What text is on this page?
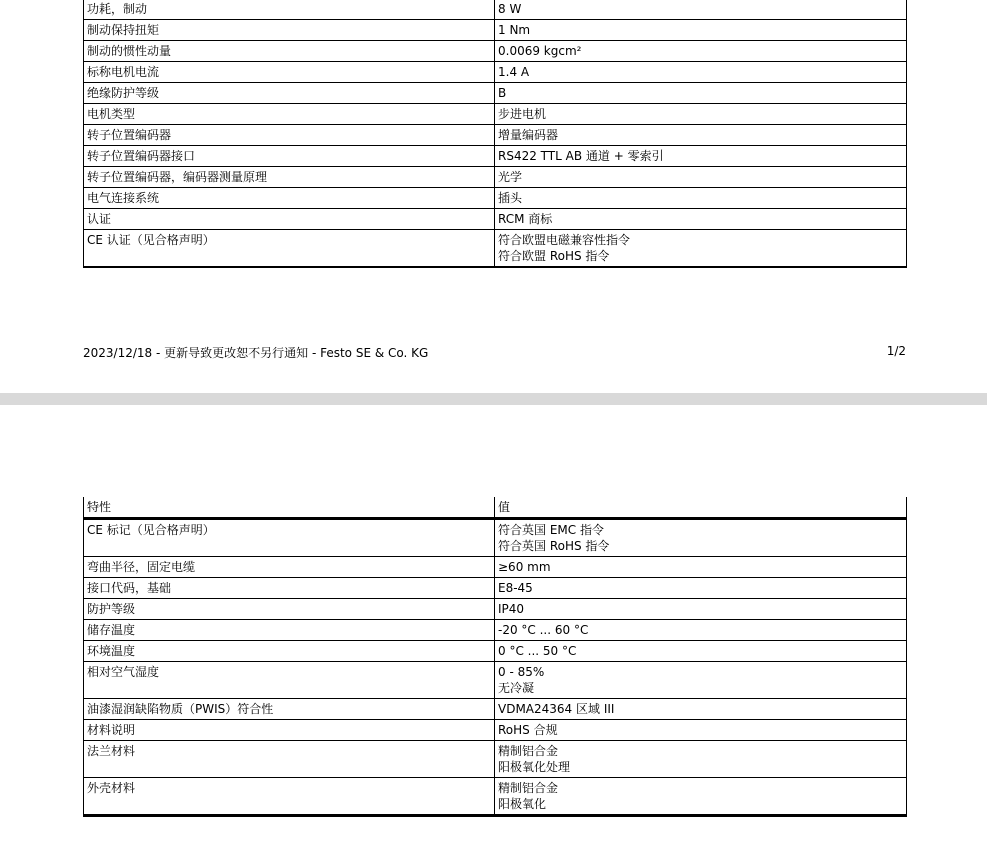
功耗，制动	8 W

制动保持扭矩	1 Nm

制动的惯性动量	0.0069 kgcm²

标称电机电流	1.4 A

绝缘防护等级	B

电机类型	步进电机

转子位置编码器	增量编码器

转子位置编码器接口	RS422 TTL AB 通道 + 零索引

转子位置编码器，编码器测量原理	光学

电气连接系统	插头

认证	RCM 商标

CE 认证（见合格声明）	符合欧盟电磁兼容性指令
符合欧盟 RoHS 指令
2023/12/18 - 更新导致更改恕不另行通知 - Festo SE & Co. KG	1/2
特性	值
CE 标记（见合格声明）	符合英国 EMC 指令
符合英国 RoHS 指令

弯曲半径，固定电缆	≥60 mm

接口代码，基础	E8-45

防护等级	IP40

储存温度	-20 °C ... 60 °C

环境温度	0 °C ... 50 °C

相对空气湿度	0 - 85%
无冷凝

油漆湿润缺陷物质（PWIS）符合性	VDMA24364 区域 III

材料说明	RoHS 合规

法兰材料	精制铝合金
阳极氧化处理

外壳材料	精制铝合金
阳极氧化
